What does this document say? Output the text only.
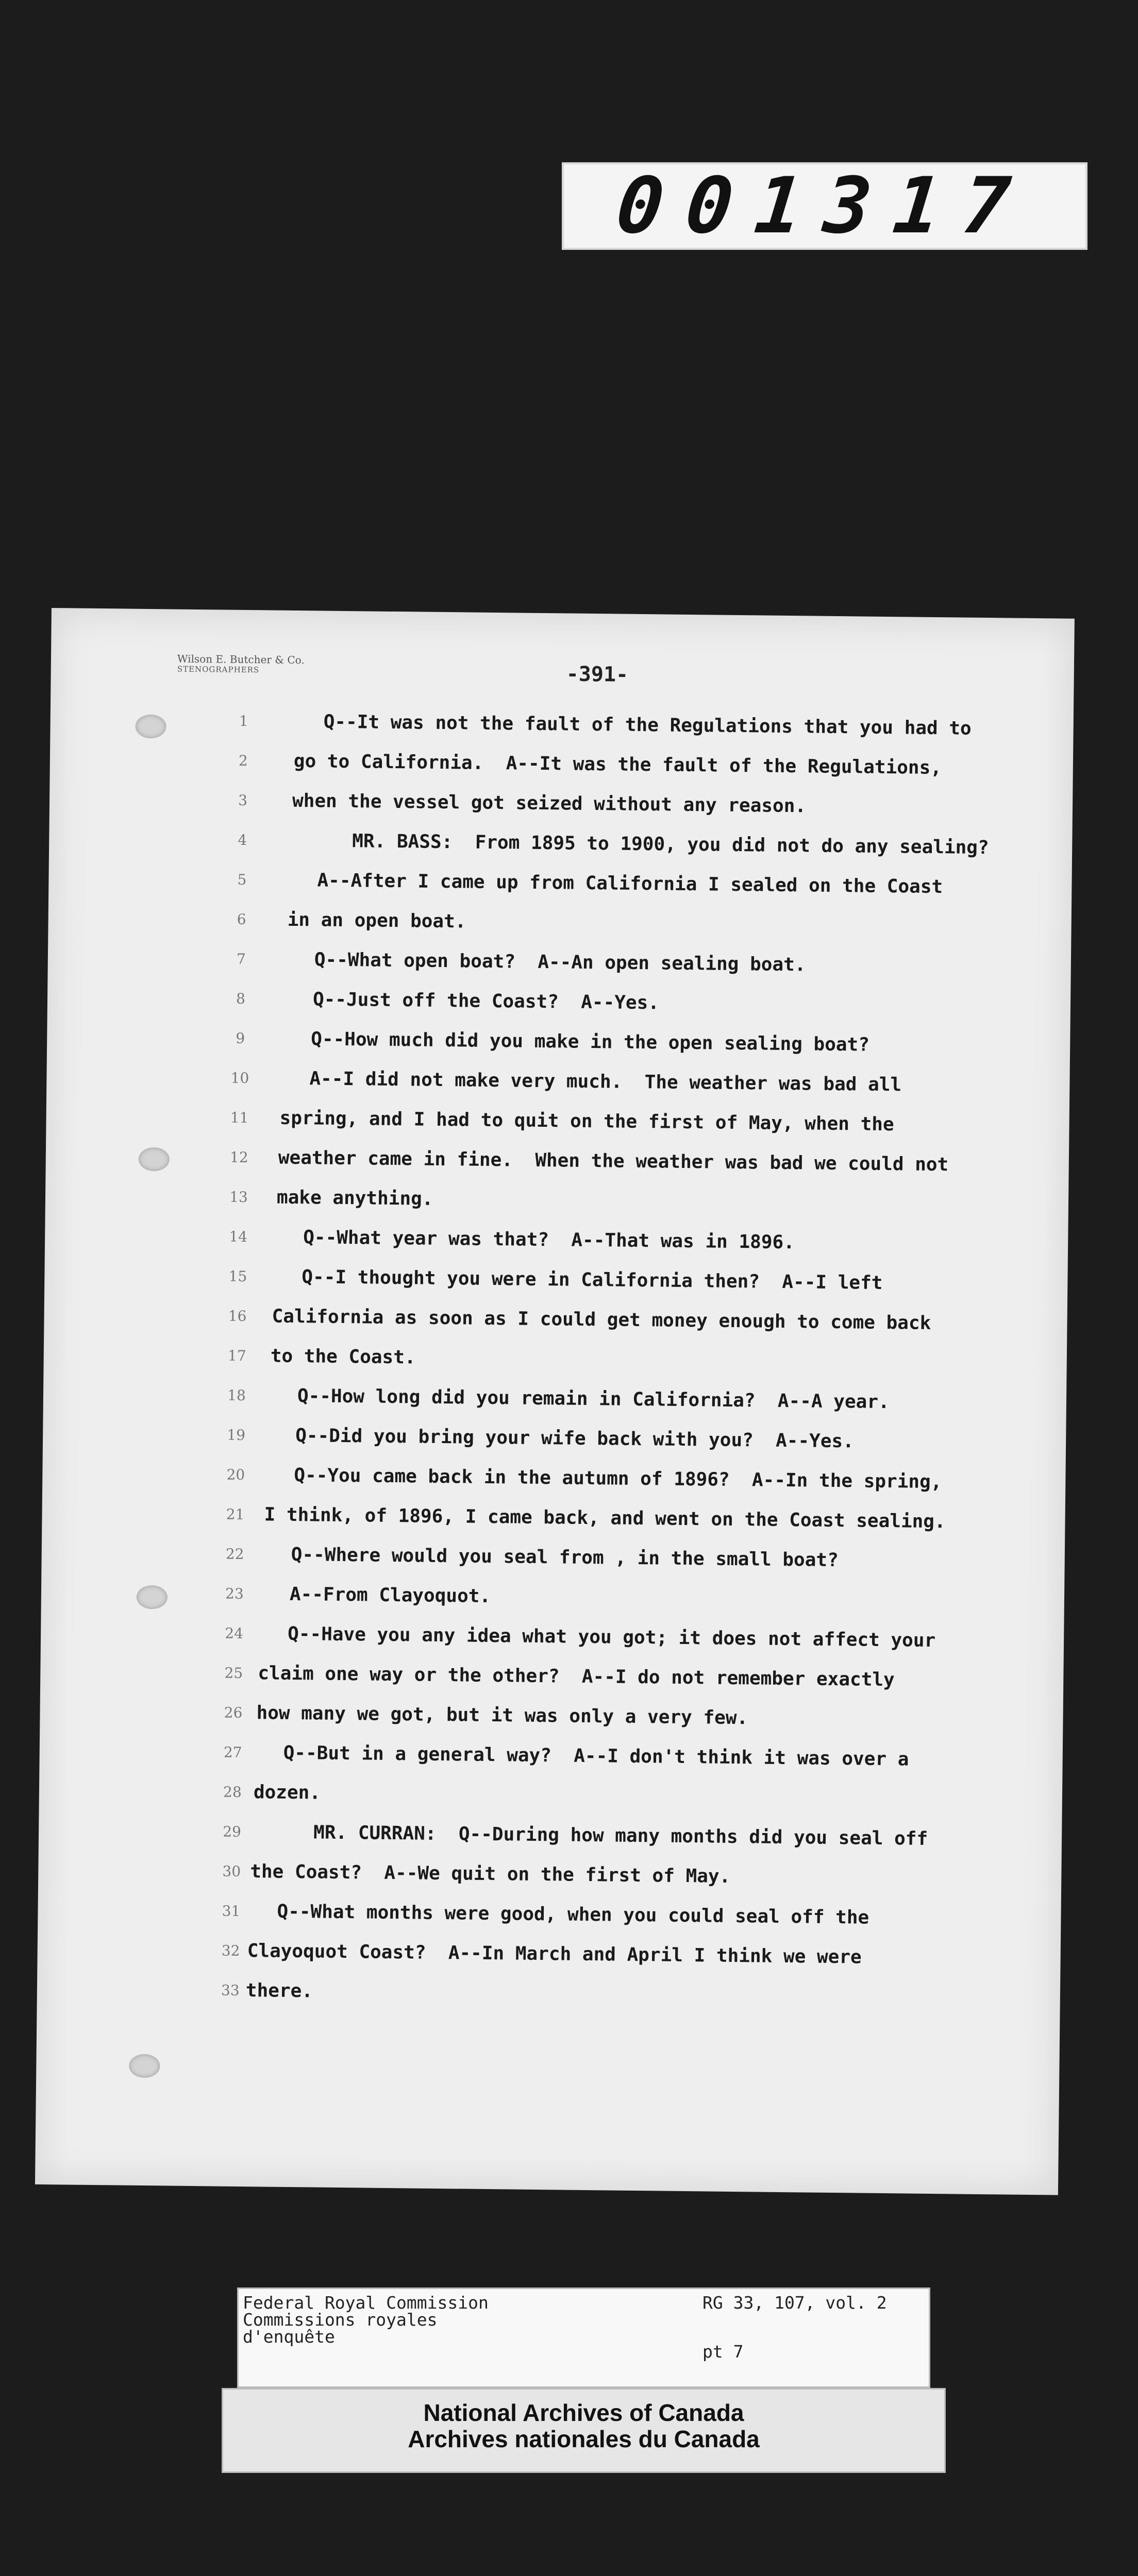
001317
Wilson E. Butcher & Co.
STENOGRAPHERS	-391-
1	Q--It was not the fault of the Regulations that you had to
2	go to California.  A--It was the fault of the Regulations,
3	when the vessel got seized without any reason.
4	MR. BASS:  From 1895 to 1900, you did not do any sealing?
5	A--After I came up from California I sealed on the Coast
6	in an open boat.
7	Q--What open boat?  A--An open sealing boat.
8	Q--Just off the Coast?  A--Yes.
9	Q--How much did you make in the open sealing boat?
10	A--I did not make very much.  The weather was bad all
11	spring, and I had to quit on the first of May, when the
12	weather came in fine.  When the weather was bad we could not
13	make anything.
14	Q--What year was that?  A--That was in 1896.
15	Q--I thought you were in California then?  A--I left
16	California as soon as I could get money enough to come back
17	to the Coast.
18	Q--How long did you remain in California?  A--A year.
19	Q--Did you bring your wife back with you?  A--Yes.
20	Q--You came back in the autumn of 1896?  A--In the spring,
21	I think, of 1896, I came back, and went on the Coast sealing.
22	Q--Where would you seal from , in the small boat?
23	A--From Clayoquot.
24	Q--Have you any idea what you got; it does not affect your
25 claim one way or the other?  A--I do not remember exactly
26 how many we got, but it was only a very few.
27	Q--But in a general way?  A--I don't think it was over a
28 dozen.
29	MR. CURRAN:  Q--During how many months did you seal off
30 the Coast?  A--We quit on the first of May.
31	Q--What months were good, when you could seal off the
32 Clayoquot Coast?  A--In March and April I think we were
33 there.
Federal Royal Commission
Commissions royales
d'enquête
RG 33, 107, vol. 2
pt 7
National Archives of Canada
Archives nationales du Canada
